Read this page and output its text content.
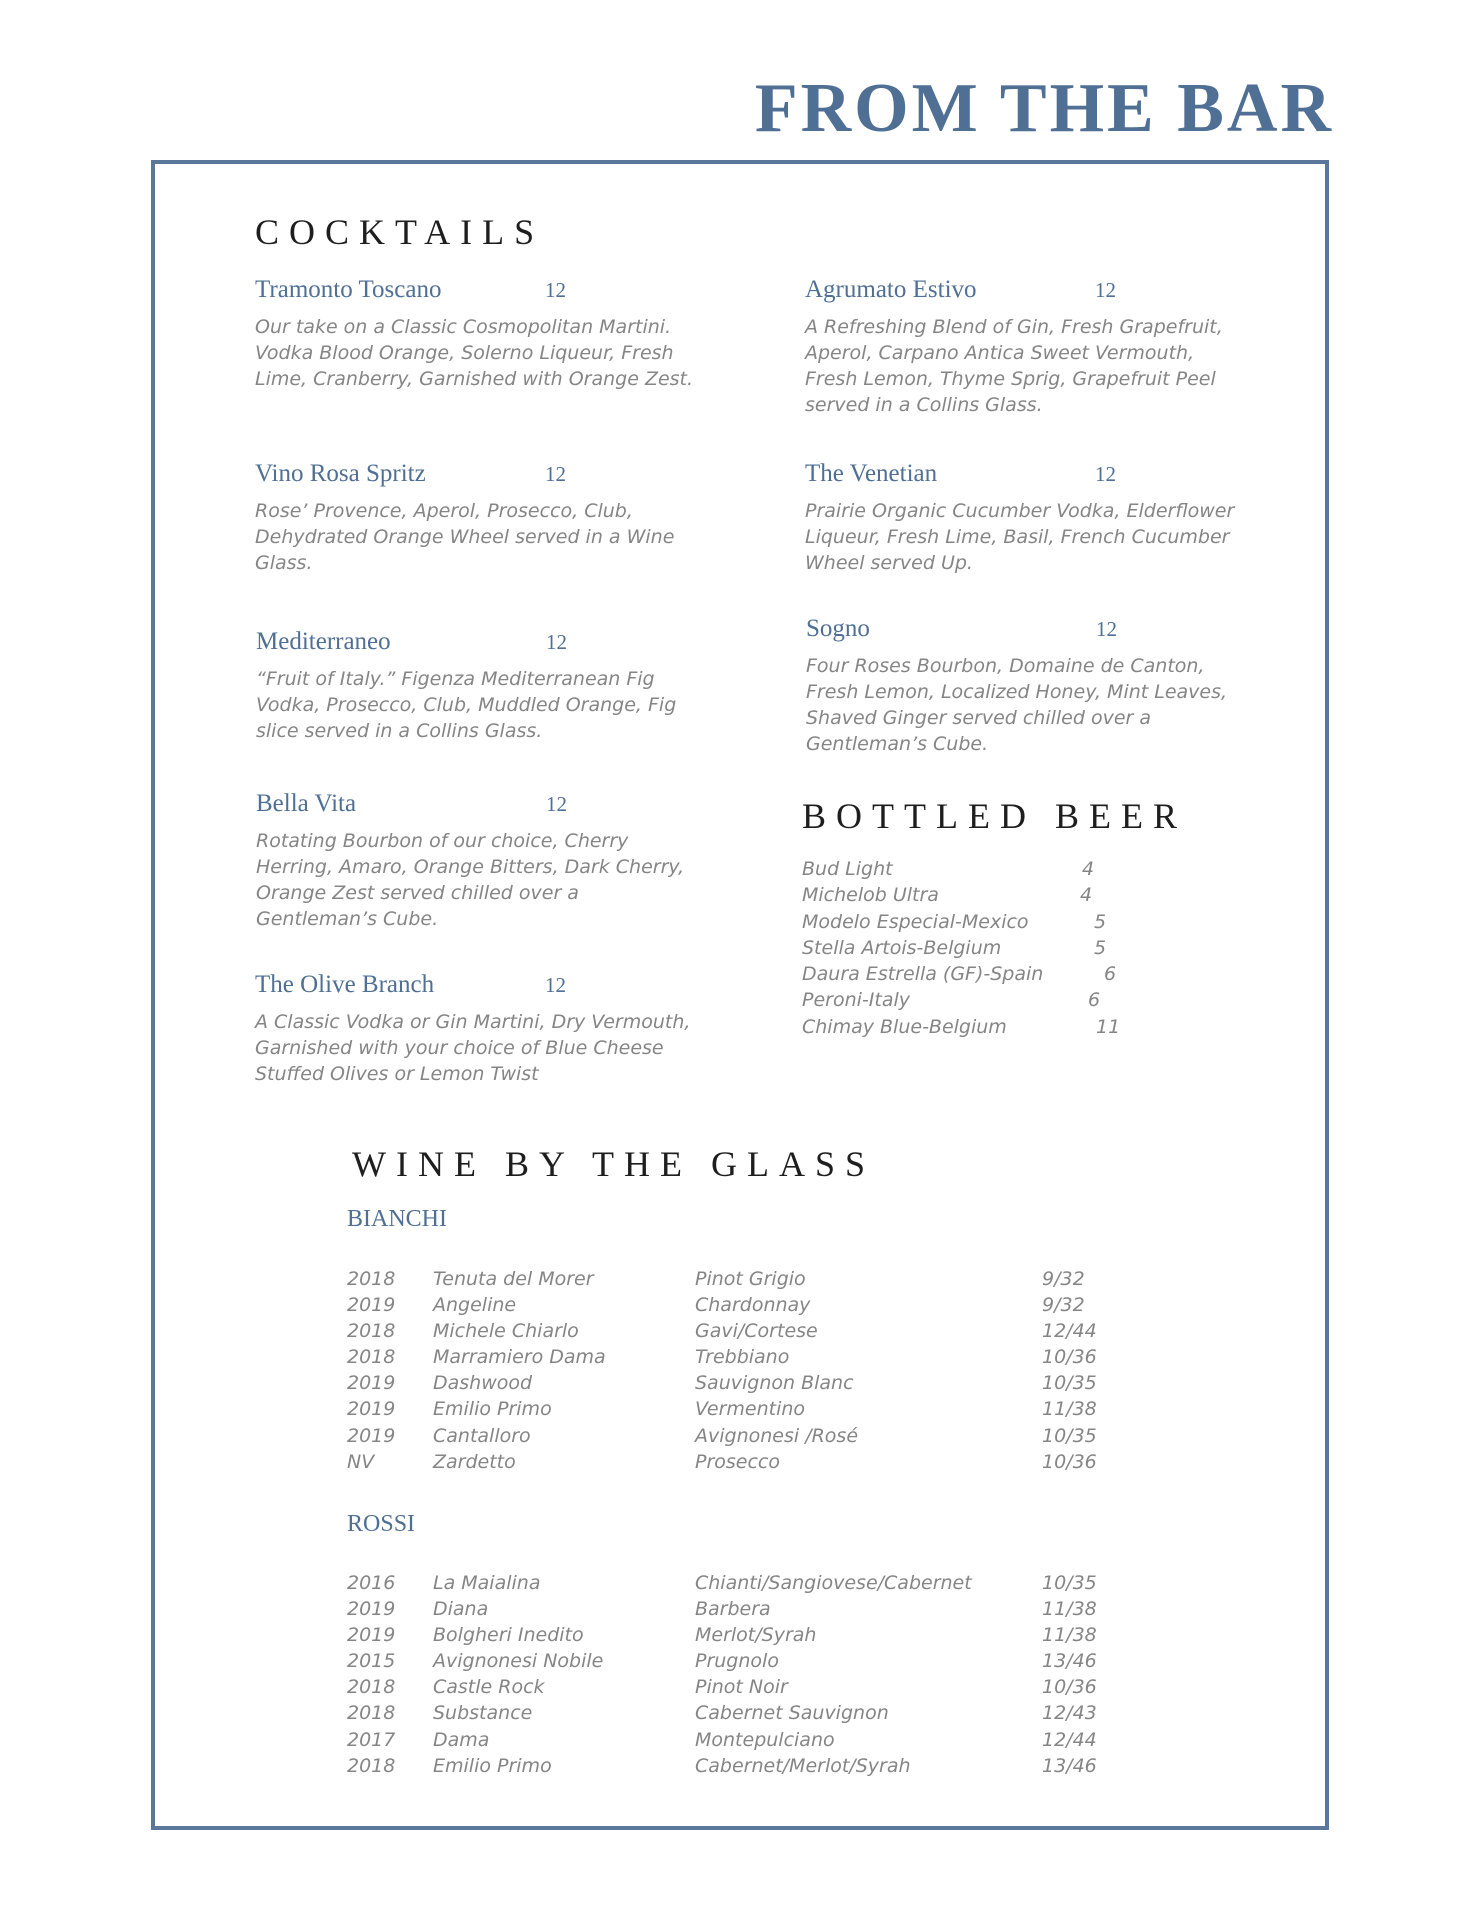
FROM THE BAR
COCKTAILS
Tramonto Toscano	12

Our take on a Classic Cosmopolitan Martini. Vodka Blood Orange, Solerno Liqueur, Fresh Lime, Cranberry, Garnished with Orange Zest.

Vino Rosa Spritz	12

Rose’ Provence, Aperol, Prosecco, Club, Dehydrated Orange Wheel served in a Wine Glass.

Mediterraneo	12

“Fruit of Italy.” Figenza Mediterranean Fig Vodka, Prosecco, Club, Muddled Orange, Fig slice served in a Collins Glass.

Bella Vita	12

Rotating Bourbon of our choice, Cherry Herring, Amaro, Orange Bitters, Dark Cherry, Orange Zest served chilled over a Gentleman’s Cube.

The Olive Branch	12

A Classic Vodka or Gin Martini, Dry Vermouth, Garnished with your choice of Blue Cheese Stuffed Olives or Lemon Twist

Agrumato Estivo	12

A Refreshing Blend of Gin, Fresh Grapefruit, Aperol, Carpano Antica Sweet Vermouth, Fresh Lemon, Thyme Sprig, Grapefruit Peel served in a Collins Glass.

The Venetian	12

Prairie Organic Cucumber Vodka, Elderflower Liqueur, Fresh Lime, Basil, French Cucumber Wheel served Up.

Sogno	12

Four Roses Bourbon, Domaine de Canton, Fresh Lemon, Localized Honey, Mint Leaves, Shaved Ginger served chilled over a Gentleman’s Cube.

BOTTLED BEER
Bud Light	4
Michelob Ultra	4
Modelo Especial-Mexico	5
Stella Artois-Belgium	5
Daura Estrella (GF)-Spain	6
Peroni-Italy	6
Chimay Blue-Belgium	11
WINE BY THE GLASS
BIANCHI
2018 Tenuta del Morer	Pinot Grigio	9/32
2019 Angeline	Chardonnay	9/32
2018 Michele Chiarlo	Gavi/Cortese	12/44
2018 Marramiero Dama	Trebbiano	10/36
2019 Dashwood	Sauvignon Blanc	10/35
2019 Emilio Primo	Vermentino	11/38
2019 Cantalloro	Avignonesi /Rosé	10/35
NV	Zardetto	Prosecco	10/36
ROSSI
2016 La Maialina	Chianti/Sangiovese/Cabernet	10/35
2019 Diana	Barbera	11/38
2019 Bolgheri Inedito	Merlot/Syrah	11/38
2015 Avignonesi Nobile	Prugnolo	13/46
2018 Castle Rock	Pinot Noir	10/36
2018 Substance	Cabernet Sauvignon	12/43
2017 Dama	Montepulciano	12/44
2018 Emilio Primo	Cabernet/Merlot/Syrah	13/46
